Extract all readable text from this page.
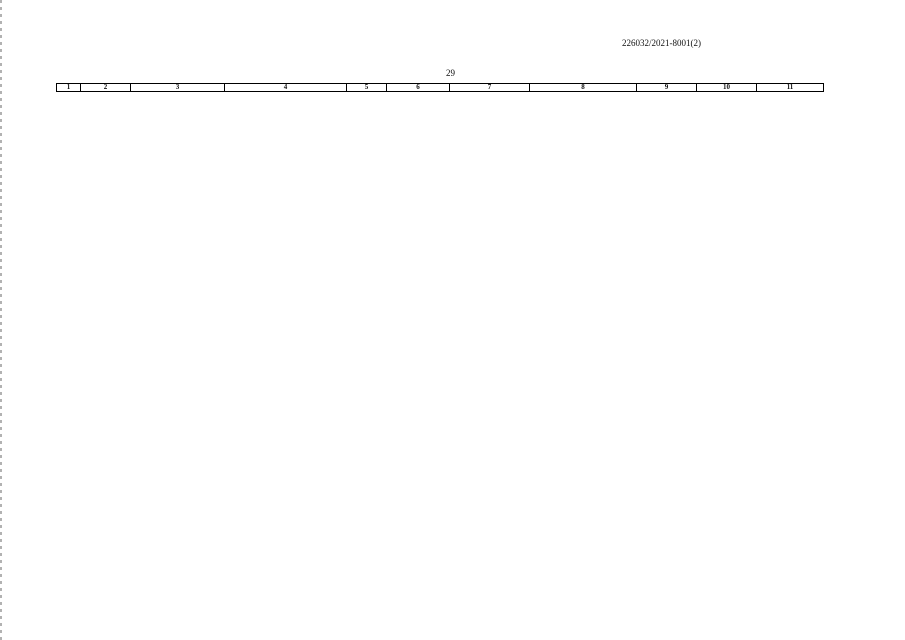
226032/2021-8001(2)
29
1	2	3	4	5	6	7	8	9	10	11
